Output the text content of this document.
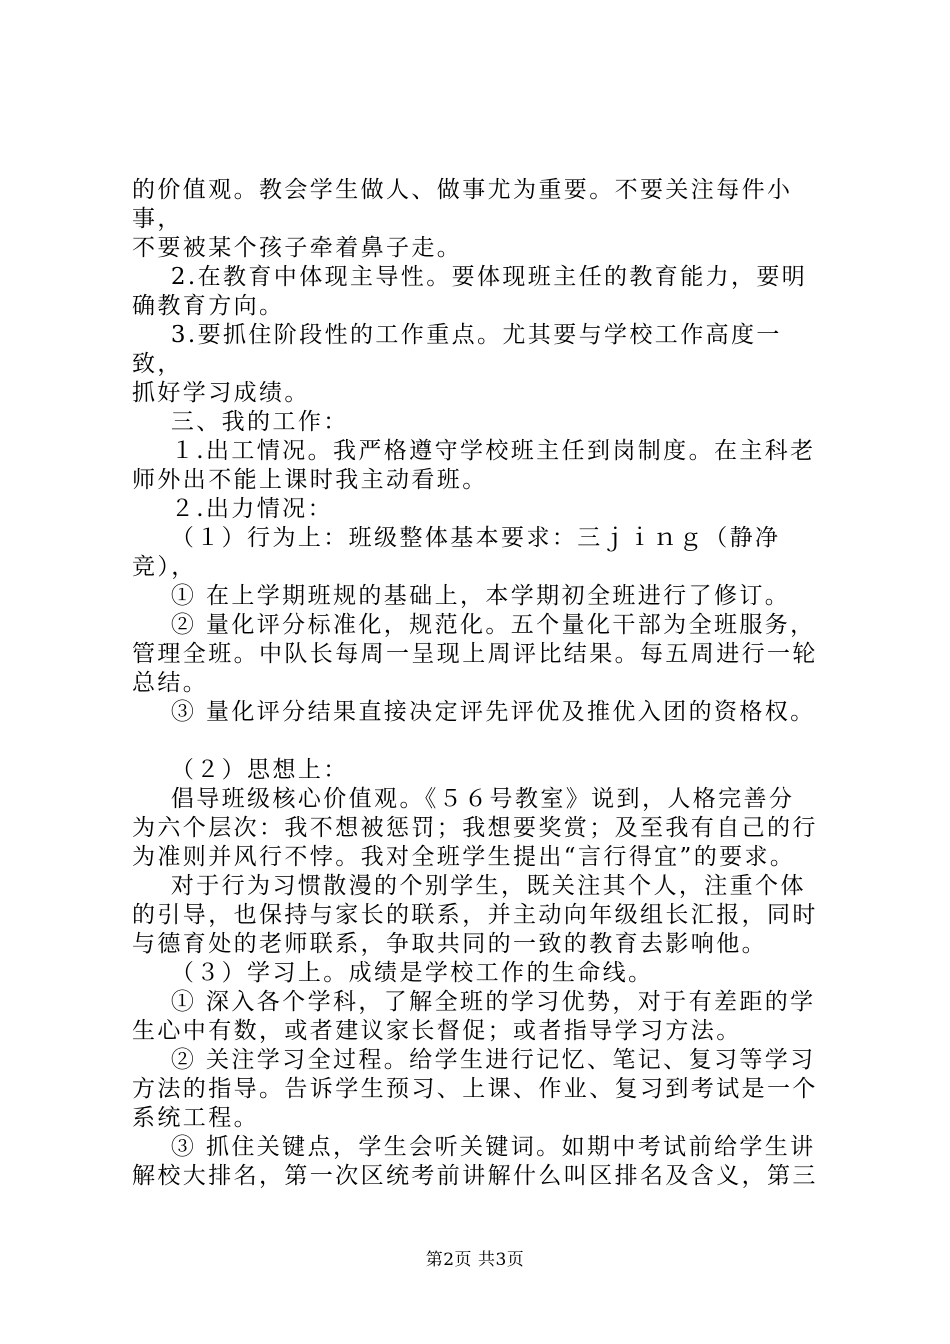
的价值观。教会学生做人、做事尤为重要。不要关注每件小事，

不要被某个孩子牵着鼻子走。

2.在教育中体现主导性。要体现班主任的教育能力，要明

确教育方向。

3.要抓住阶段性的工作重点。尤其要与学校工作高度一致，

抓好学习成绩。

三、我的工作：

１.出工情况。我严格遵守学校班主任到岗制度。在主科老

师外出不能上课时我主动看班。

２.出力情况：

（１）行为上：班级整体基本要求：三ｊｉｎｇ（静净

竞），

① 在上学期班规的基础上，本学期初全班进行了修订。

② 量化评分标准化，规范化。五个量化干部为全班服务，

管理全班。中队长每周一呈现上周评比结果。每五周进行一轮

总结。

③ 量化评分结果直接决定评先评优及推优入团的资格权。

（２）思想上：

倡导班级核心价值观。《５６号教室》说到，人格完善分

为六个层次：我不想被惩罚；我想要奖赏；及至我有自己的行

为准则并风行不悖。我对全班学生提出“言行得宜”的要求。

对于行为习惯散漫的个别学生，既关注其个人，注重个体

的引导，也保持与家长的联系，并主动向年级组长汇报，同时

与德育处的老师联系，争取共同的一致的教育去影响他。

（３）学习上。成绩是学校工作的生命线。

① 深入各个学科，了解全班的学习优势，对于有差距的学

生心中有数，或者建议家长督促；或者指导学习方法。

② 关注学习全过程。给学生进行记忆、笔记、复习等学习

方法的指导。告诉学生预习、上课、作业、复习到考试是一个

系统工程。

③ 抓住关键点，学生会听关键词。如期中考试前给学生讲

解校大排名，第一次区统考前讲解什么叫区排名及含义，第三

第2页 共3页
